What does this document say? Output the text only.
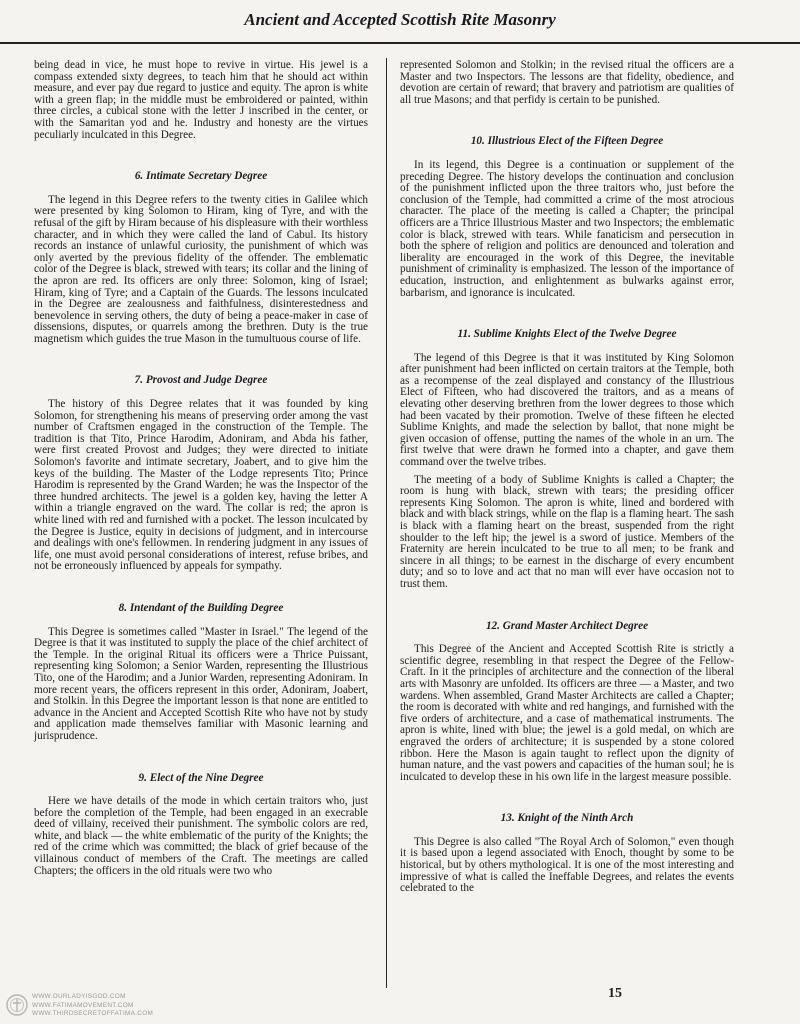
Ancient and Accepted Scottish Rite Masonry

being dead in vice, he must hope to revive in virtue. His jewel is a compass extended sixty degrees, to teach him that he should act within measure, and ever pay due regard to justice and equity. The apron is white with a green flap; in the middle must be embroidered or painted, within three circles, a cubical stone with the letter J inscribed in the center, or with the Samaritan yod and he. Industry and honesty are the virtues peculiarly inculcated in this Degree.

6. Intimate Secretary Degree

The legend in this Degree refers to the twenty cities in Galilee which were presented by king Solomon to Hiram, king of Tyre, and with the refusal of the gift by Hiram because of his displeasure with their worthless character, and in which they were called the land of Cabul. Its history records an instance of unlawful curiosity, the punishment of which was only averted by the previous fidelity of the offender. The emblematic color of the Degree is black, strewed with tears; its collar and the lining of the apron are red. Its officers are only three: Solomon, king of Israel; Hiram, king of Tyre; and a Captain of the Guards. The lessons inculcated in the Degree are zealousness and faithfulness, disinterestedness and benevolence in serving others, the duty of being a peace-maker in case of dissensions, disputes, or quarrels among the brethren. Duty is the true magnetism which guides the true Mason in the tumultuous course of life.

7. Provost and Judge Degree

The history of this Degree relates that it was founded by king Solomon, for strengthening his means of preserving order among the vast number of Craftsmen engaged in the construction of the Temple. The tradition is that Tito, Prince Harodim, Adoniram, and Abda his father, were first created Provost and Judges; they were directed to initiate Solomon's favorite and intimate secretary, Joabert, and to give him the keys of the building. The Master of the Lodge represents Tito; Prince Harodim is represented by the Grand Warden; he was the Inspector of the three hundred architects. The jewel is a golden key, having the letter A within a triangle engraved on the ward. The collar is red; the apron is white lined with red and furnished with a pocket. The lesson inculcated by the Degree is Justice, equity in decisions of judgment, and in intercourse and dealings with one's fellowmen. In rendering judgment in any issues of life, one must avoid personal considerations of interest, refuse bribes, and not be erroneously influenced by appeals for sympathy.

8. Intendant of the Building Degree

This Degree is sometimes called "Master in Israel." The legend of the Degree is that it was instituted to supply the place of the chief architect of the Temple. In the original Ritual its officers were a Thrice Puissant, representing king Solomon; a Senior Warden, representing the Illustrious Tito, one of the Harodim; and a Junior Warden, representing Adoniram. In more recent years, the officers represent in this order, Adoniram, Joabert, and Stolkin. In this Degree the important lesson is that none are entitled to advance in the Ancient and Accepted Scottish Rite who have not by study and application made themselves familiar with Masonic learning and jurisprudence.

9. Elect of the Nine Degree

Here we have details of the mode in which certain traitors who, just before the completion of the Temple, had been engaged in an execrable deed of villainy, received their punishment. The symbolic colors are red, white, and black — the white emblematic of the purity of the Knights; the red of the crime which was committed; the black of grief because of the villainous conduct of members of the Craft. The meetings are called Chapters; the officers in the old rituals were two who

represented Solomon and Stolkin; in the revised ritual the officers are a Master and two Inspectors. The lessons are that fidelity, obedience, and devotion are certain of reward; that bravery and patriotism are qualities of all true Masons; and that perfidy is certain to be punished.

10. Illustrious Elect of the Fifteen Degree

In its legend, this Degree is a continuation or supplement of the preceding Degree. The history develops the continuation and conclusion of the punishment inflicted upon the three traitors who, just before the conclusion of the Temple, had committed a crime of the most atrocious character. The place of the meeting is called a Chapter; the principal officers are a Thrice Illustrious Master and two Inspectors; the emblematic color is black, strewed with tears. While fanaticism and persecution in both the sphere of religion and politics are denounced and toleration and liberality are encouraged in the work of this Degree, the inevitable punishment of criminality is emphasized. The lesson of the importance of education, instruction, and enlightenment as bulwarks against error, barbarism, and ignorance is inculcated.

11. Sublime Knights Elect of the Twelve Degree

The legend of this Degree is that it was instituted by King Solomon after punishment had been inflicted on certain traitors at the Temple, both as a recompense of the zeal displayed and constancy of the Illustrious Elect of Fifteen, who had discovered the traitors, and as a means of elevating other deserving brethren from the lower degrees to those which had been vacated by their promotion. Twelve of these fifteen he elected Sublime Knights, and made the selection by ballot, that none might be given occasion of offense, putting the names of the whole in an urn. The first twelve that were drawn he formed into a chapter, and gave them command over the twelve tribes.

The meeting of a body of Sublime Knights is called a Chapter; the room is hung with black, strewn with tears; the presiding officer represents King Solomon. The apron is white, lined and bordered with black and with black strings, while on the flap is a flaming heart. The sash is black with a flaming heart on the breast, suspended from the right shoulder to the left hip; the jewel is a sword of justice. Members of the Fraternity are herein inculcated to be true to all men; to be frank and sincere in all things; to be earnest in the discharge of every encumbent duty; and so to love and act that no man will ever have occasion not to trust them.

12. Grand Master Architect Degree

This Degree of the Ancient and Accepted Scottish Rite is strictly a scientific degree, resembling in that respect the Degree of the Fellow-Craft. In it the principles of architecture and the connection of the liberal arts with Masonry are unfolded. Its officers are three — a Master, and two wardens. When assembled, Grand Master Architects are called a Chapter; the room is decorated with white and red hangings, and furnished with the five orders of architecture, and a case of mathematical instruments. The apron is white, lined with blue; the jewel is a gold medal, on which are engraved the orders of architecture; it is suspended by a stone colored ribbon. Here the Mason is again taught to reflect upon the dignity of human nature, and the vast powers and capacities of the human soul; he is inculcated to develop these in his own life in the largest measure possible.

13. Knight of the Ninth Arch

This Degree is also called "The Royal Arch of Solomon," even though it is based upon a legend associated with Enoch, thought by some to be historical, but by others mythological. It is one of the most interesting and impressive of what is called the Ineffable Degrees, and relates the events celebrated to the

WWW.OURLADYISGOD.COM
WWW.FATIMAMOVEMENT.COM
WWW.THIRDSECRETOFFATIMA.COM
15
